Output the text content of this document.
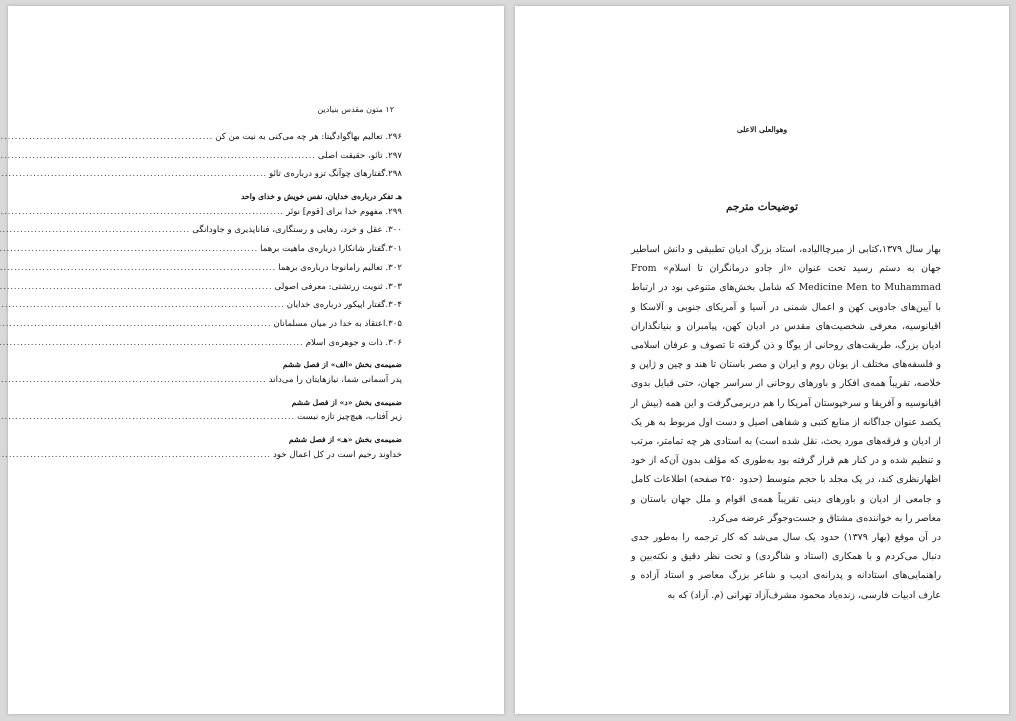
۱۲ متون مقدس بنیادین
۲۹۶. تعالیم بهاگوادگیتا: هر چه می‌کنی به نیت من کن
.....
۲۹۷. تائو، حقیقت اصلی
.....
۲۹۸.گفتارهای چوآنگ تزو درباره‌ی تائو
.....
هـ تفکر درباره‌ی خدایان، نفس خویش و خدای واحد
۲۹۹. مفهوم خدا برای [قوم] نوئر
.....
۳۰۰. عقل و خرد، رهایی و رستگاری، فناناپذیری و جاودانگی
.....
۳۰۱.گفتار شانکارا درباره‌ی ماهیت برهما
.....
۳۰۲. تعالیم رامانوجا درباره‌ی برهما
.....
۳۰۳. ثنویت زرتشتی: معرفی اصولی
.....
۳۰۴.گفتار اپیکور درباره‌ی خدایان
.....
۳۰۵.اعتقاد به خدا در میان مسلمانان
.....
۳۰۶. ذات و جوهره‌ی اسلام
.....
ضمیمه‌ی بخش «الف» از فصل ششم
پدر آسمانی شما، نیازهایتان را می‌داند
.....
ضمیمه‌ی بخش «د» از فصل ششم
زیر آفتاب، هیچ‌چیز تازه نیست
.....
ضمیمه‌ی بخش «هـ» از فصل ششم
خداوند رحیم است در کل اعمال خود
.....
وهوالعلی الاعلی
توضیحات مترجم

بهار سال ۱۳۷۹،کتابی از میرچاالیاده، استاد بزرگ ادیان تطبیقی و دانش اساطیر جهان به دستم رسید تحت عنوان «از جادو درمانگران تا اسلام» From Medicine Men to Muhammad که شامل بخش‌های متنوعی بود در ارتباط با آیین‌های جادویی کهن و اعمال شمنی در آسیا و آمریکای جنوبی و آلاسکا و اقیانوسیه، معرفی شخصیت‌های مقدس در ادیان کهن، پیامبران و بنیانگذاران ادیان بزرگ، طریقت‌های روحانی از یوگا و ذن گرفته تا تصوف و عرفان اسلامی و فلسفه‌های مختلف از یونان روم و ایران و مصر باستان تا هند و چین و ژاپن و خلاصه، تقریباً همه‌ی افکار و باورهای روحانی از سراسر جهان، حتی قبایل بدوی اقیانوسیه و آفریقا و سرخپوستان آمریکا را هم دربرمی‌گرفت و این همه (بیش از یکصد عنوان جداگانه از منابع کتبی و شفاهی اصیل و دست اول مربوط به هر یک از ادیان و فرقه‌های مورد بحث، نقل شده است) به استادی هر چه تمامتر، مرتب و تنظیم شده و در کنار هم قرار گرفته بود به‌طوری که مؤلف بدون آن‌که از خود اظهارنظری کند، در یک مجلد با حجم متوسط (حدود ۲۵۰ صفحه) اطلاعات کامل و جامعی از ادیان و باورهای دینی تقریباً همه‌ی اقوام و ملل جهان باستان و معاصر را به خواننده‌ی مشتاق و جست‌وجوگر عرضه می‌کرد.

در آن موقع (بهار ۱۳۷۹) حدود یک سال می‌شد که کار ترجمه را به‌طور جدی دنبال می‌کردم و با همکاری (استاد و شاگردی) و تحت نظر دقیق و نکته‌بین و راهنمایی‌های استادانه و پدرانه‌ی ادیب و شاعر بزرگ معاصر و استاد آزاده و عارف ادبیات فارسی، زنده‌یاد محمود مشرف‌آزاد تهرانی (م. آزاد) که به
